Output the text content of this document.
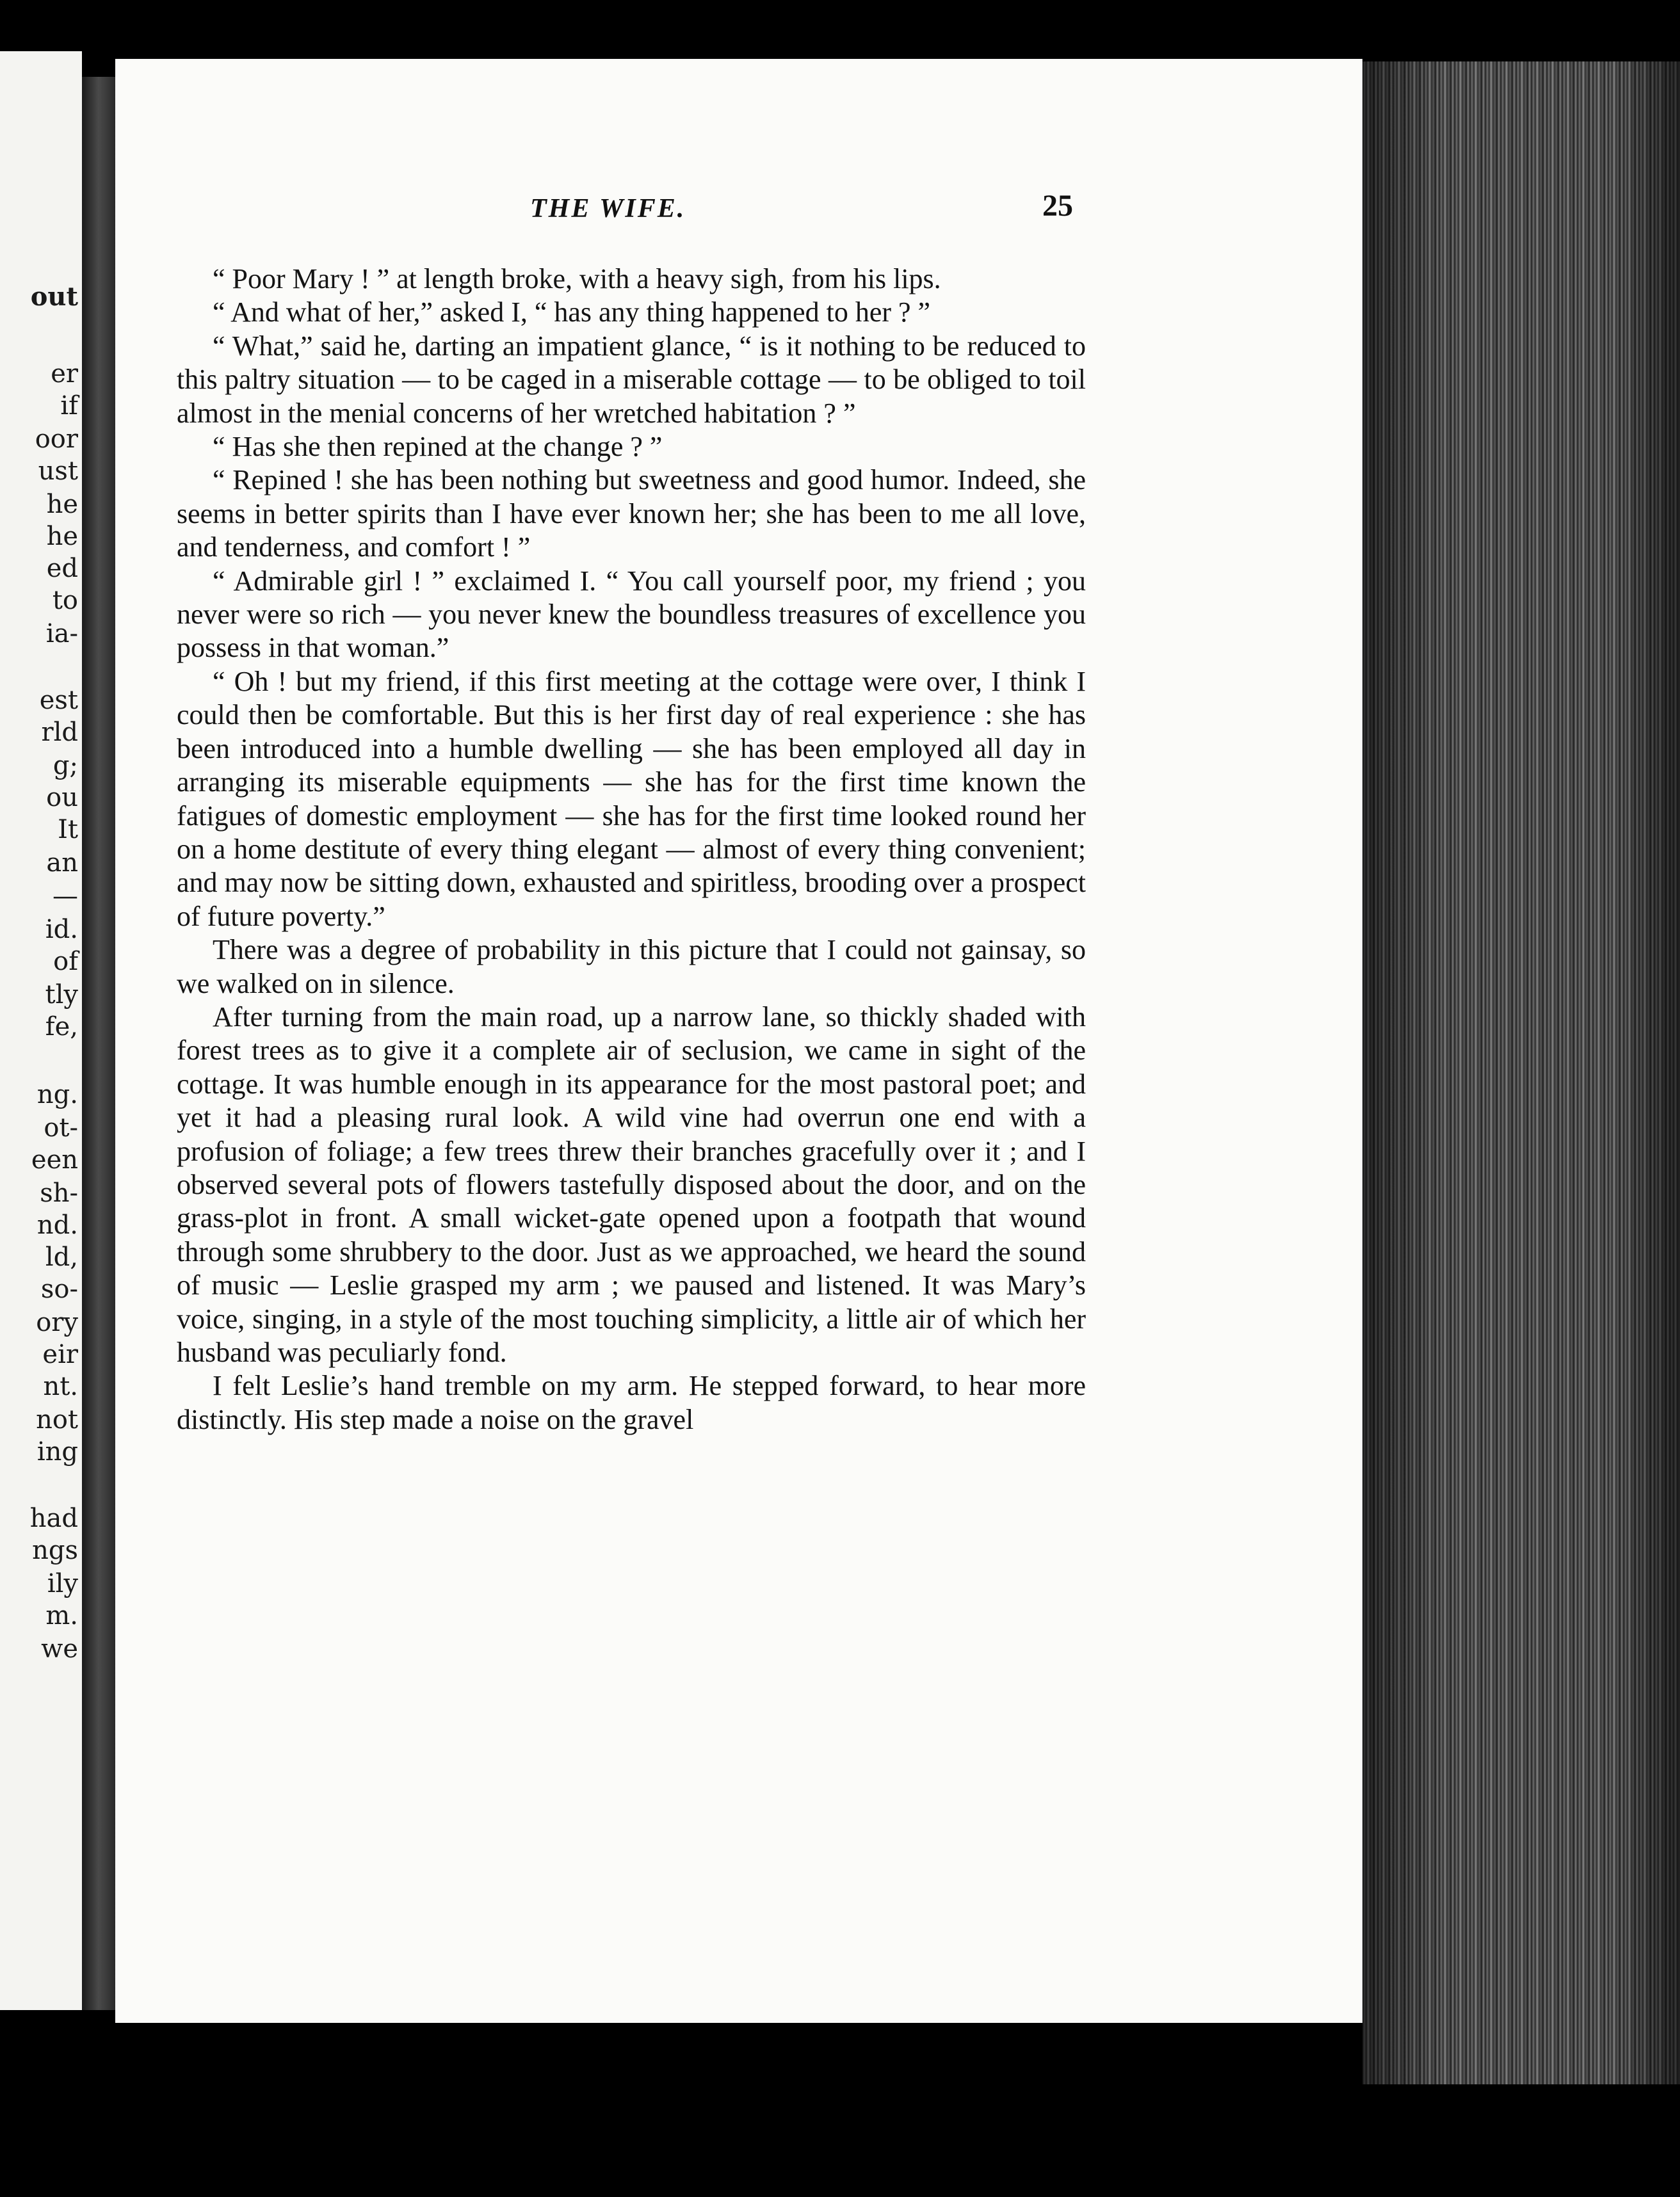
out
er
if
oor
ust
he
he
ed
to
ia-
est
rld
g;
ou
It
an
—
id.
of
tly
fe,
ng.
ot-
een
sh-
nd.
ld,
so-
ory
eir
nt.
not
ing
had
ngs
ily
m.
we
THE WIFE.	25

“ Poor Mary ! ” at length broke, with a heavy sigh, from his lips.

“ And what of her,” asked I, “ has any thing happened to her ? ”

“ What,” said he, darting an impatient glance, “ is it nothing to be reduced to this paltry situation — to be caged in a miserable cottage — to be obliged to toil almost in the menial concerns of her wretched habitation ? ”

“ Has she then repined at the change ? ”

“ Repined ! she has been nothing but sweetness and good humor. Indeed, she seems in better spirits than I have ever known her; she has been to me all love, and tenderness, and comfort ! ”

“ Admirable girl ! ” exclaimed I. “ You call yourself poor, my friend ; you never were so rich — you never knew the boundless treasures of excellence you possess in that woman.”

“ Oh ! but my friend, if this first meeting at the cottage were over, I think I could then be comfortable. But this is her first day of real experience : she has been introduced into a humble dwelling — she has been employed all day in arranging its miserable equipments — she has for the first time known the fatigues of domestic employment — she has for the first time looked round her on a home destitute of every thing elegant — almost of every thing convenient; and may now be sitting down, exhausted and spiritless, brooding over a prospect of future poverty.”

There was a degree of probability in this picture that I could not gainsay, so we walked on in silence.

After turning from the main road, up a narrow lane, so thickly shaded with forest trees as to give it a complete air of seclusion, we came in sight of the cottage. It was humble enough in its appearance for the most pastoral poet; and yet it had a pleasing rural look. A wild vine had overrun one end with a profusion of foliage; a few trees threw their branches gracefully over it ; and I observed several pots of flowers tastefully disposed about the door, and on the grass-plot in front. A small wicket-gate opened upon a footpath that wound through some shrubbery to the door. Just as we approached, we heard the sound of music — Leslie grasped my arm ; we paused and listened. It was Mary’s voice, singing, in a style of the most touching simplicity, a little air of which her husband was peculiarly fond.

I felt Leslie’s hand tremble on my arm. He stepped forward, to hear more distinctly. His step made a noise on the gravel
